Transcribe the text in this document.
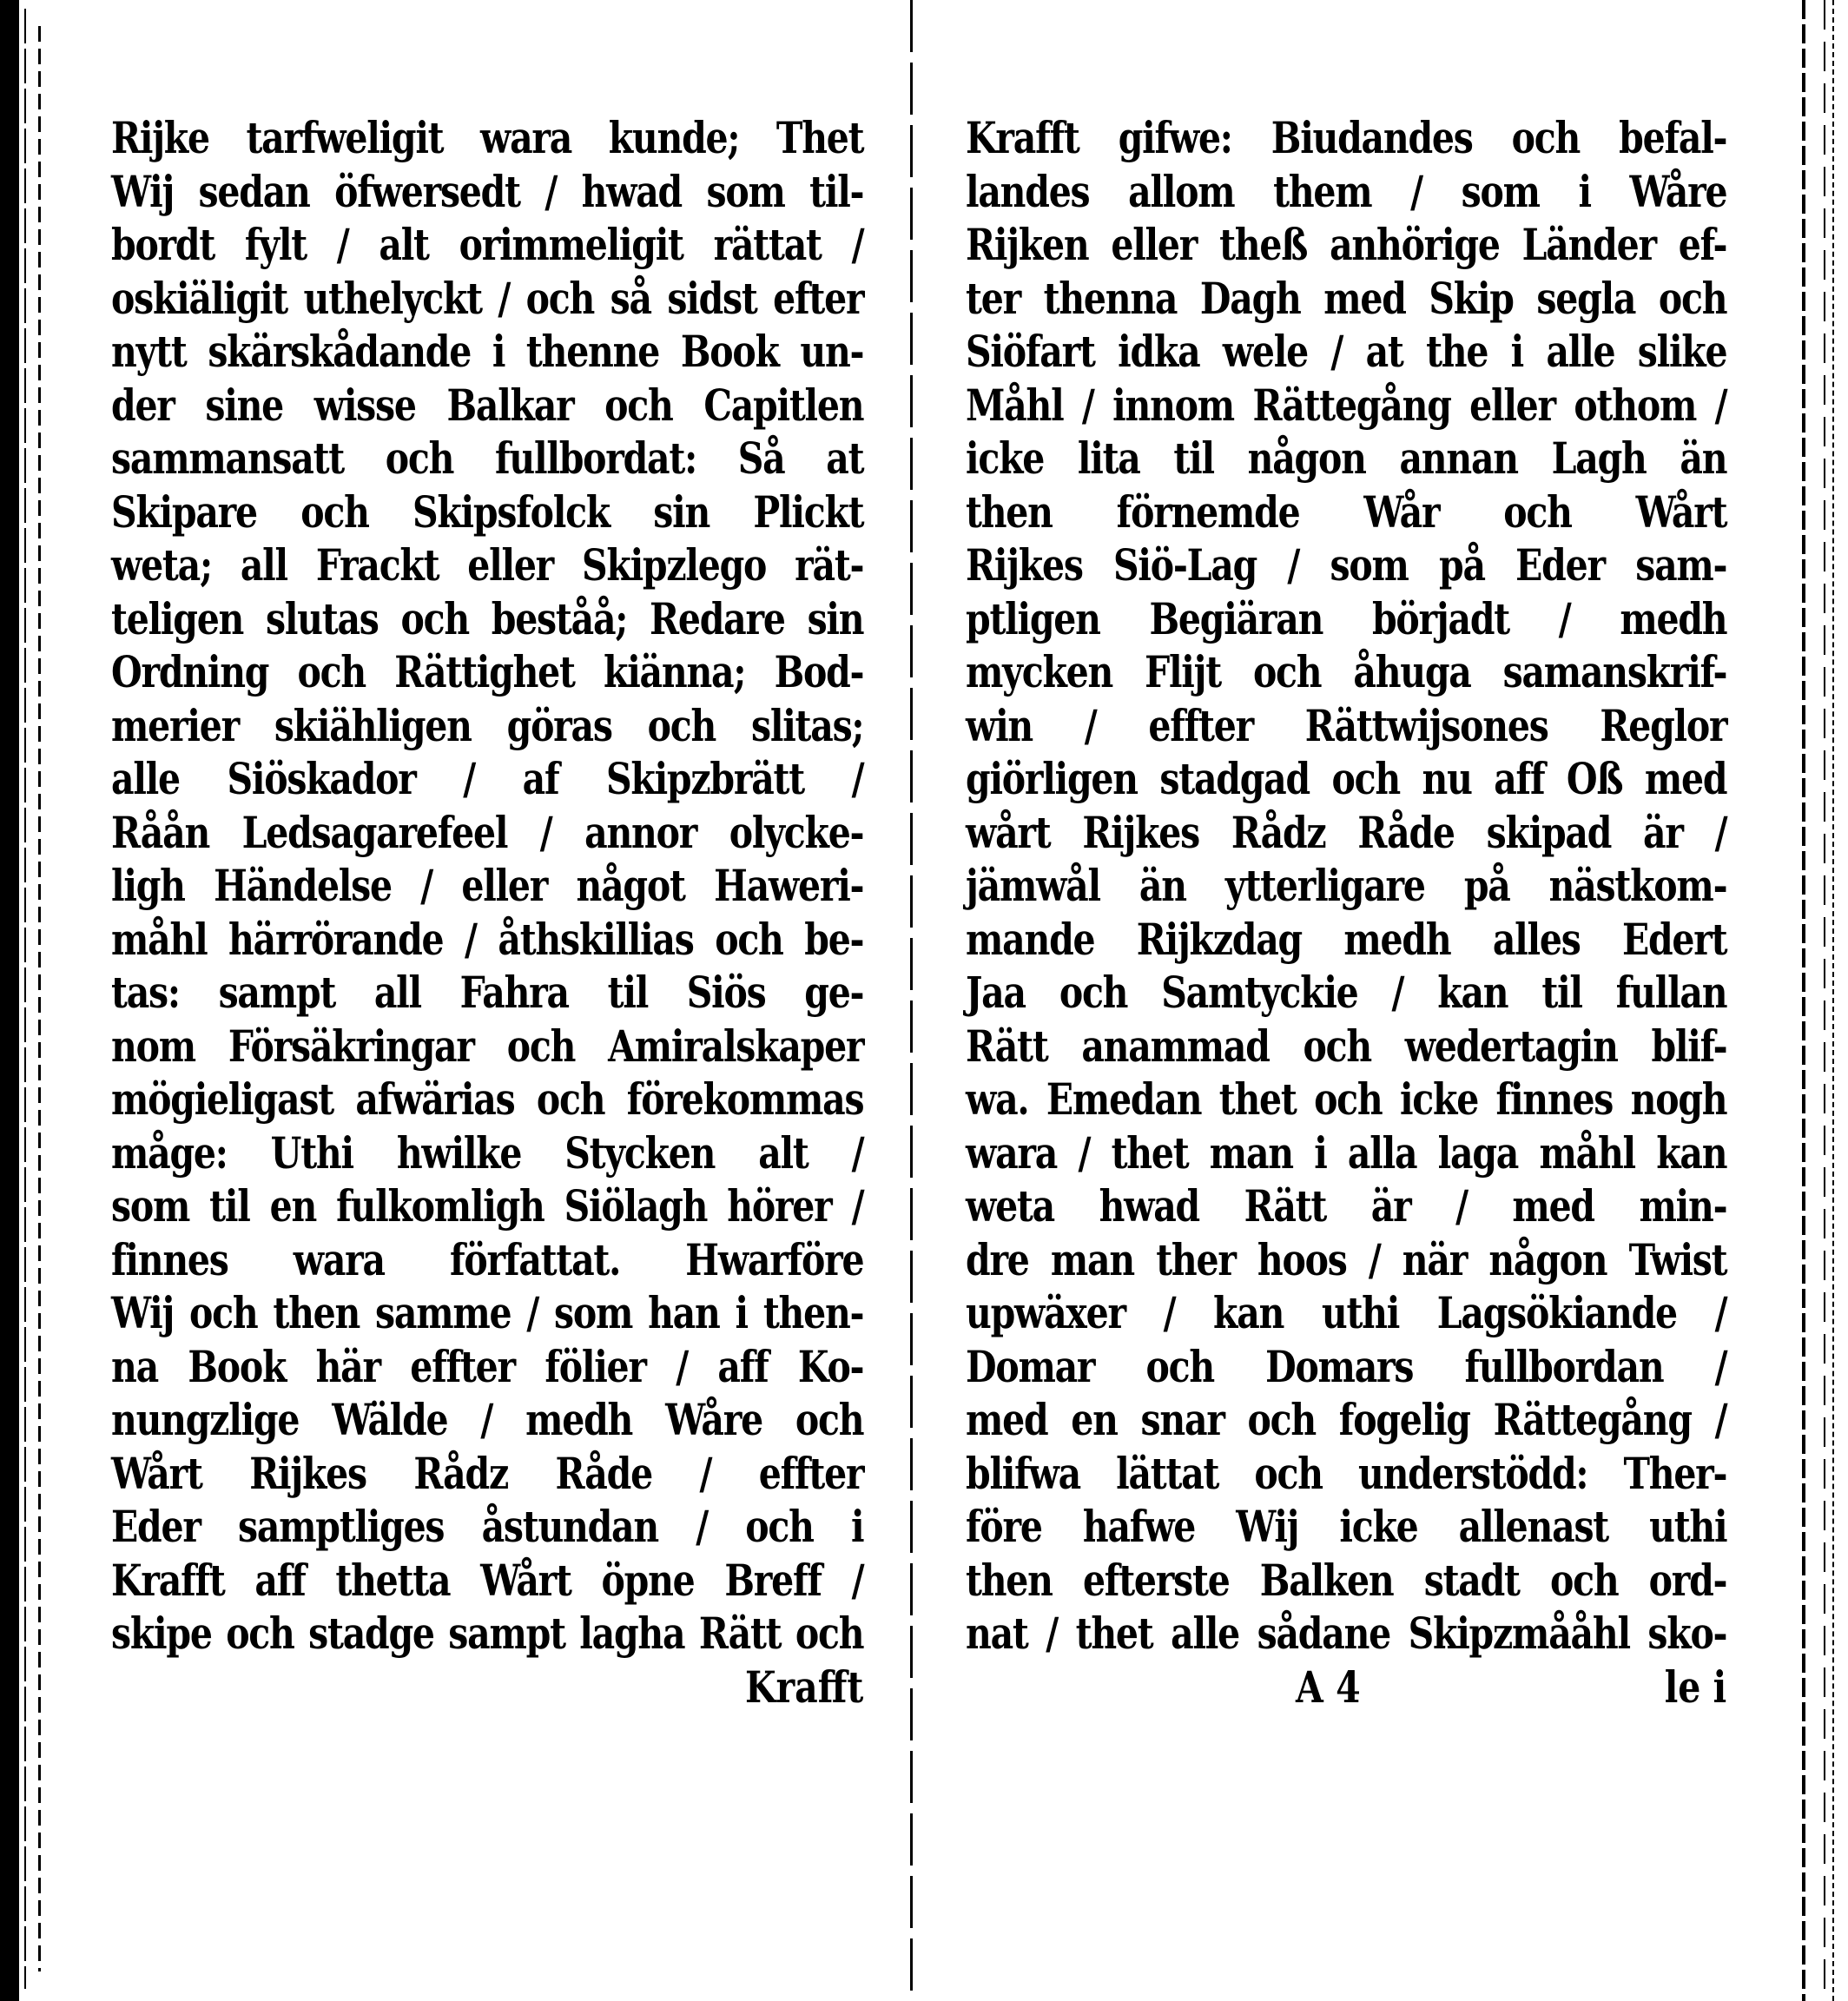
Rijke tarfweligit wara kunde; Thet
Wij sedan öfwersedt / hwad som til-
bordt fylt / alt orimmeligit rättat /
oskiäligit uthelyckt / och så sidst efter
nytt skärskådande i thenne Book un-
der sine wisse Balkar och Capitlen
sammansatt och fullbordat: Så at
Skipare och Skipsfolck sin Plickt
weta; all Frackt eller Skipzlego rät-
teligen slutas och beståå; Redare sin
Ordning och Rättighet kiänna; Bod-
merier skiähligen göras och slitas;
alle Siöskador / af Skipzbrätt /
Råån Ledsagarefeel / annor olycke-
ligh Händelse / eller något Haweri-
måhl härrörande / åthskillias och be-
tas: sampt all Fahra til Siös ge-
nom Försäkringar och Amiralskaper
mögieligast afwärias och förekommas
måge: Uthi hwilke Stycken alt /
som til en fulkomligh Siölagh hörer /
finnes wara författat. Hwarföre
Wij och then samme / som han i then-
na Book här effter fölier / aff Ko-
nungzlige Wälde / medh Wåre och
Wårt Rijkes Rådz Råde / effter
Eder samptliges åstundan / och i
Krafft aff thetta Wårt öpne Breff /
skipe och stadge sampt lagha Rätt och
Krafft
Krafft gifwe: Biudandes och befal-
landes allom them / som i Wåre
Rijken eller theß anhörige Länder ef-
ter thenna Dagh med Skip segla och
Siöfart idka wele / at the i alle slike
Måhl / innom Rättegång eller othom /
icke lita til någon annan Lagh än
then förnemde Wår och Wårt
Rijkes Siö-Lag / som på Eder sam-
ptligen Begiäran börjadt / medh
mycken Flijt och åhuga samanskrif-
win / effter Rättwijsones Reglor
giörligen stadgad och nu aff Oß med
wårt Rijkes Rådz Råde skipad är /
jämwål än ytterligare på nästkom-
mande Rijkzdag medh alles Edert
Jaa och Samtyckie / kan til fullan
Rätt anammad och wedertagin blif-
wa. Emedan thet och icke finnes nogh
wara / thet man i alla laga måhl kan
weta hwad Rätt är / med min-
dre man ther hoos / när någon Twist
upwäxer / kan uthi Lagsökiande /
Domar och Domars fullbordan /
med en snar och fogelig Rättegång /
blifwa lättat och understödd: Ther-
före hafwe Wij icke allenast uthi
then efterste Balken stadt och ord-
nat / thet alle sådane Skipzmååhl sko-
A 4	le i
